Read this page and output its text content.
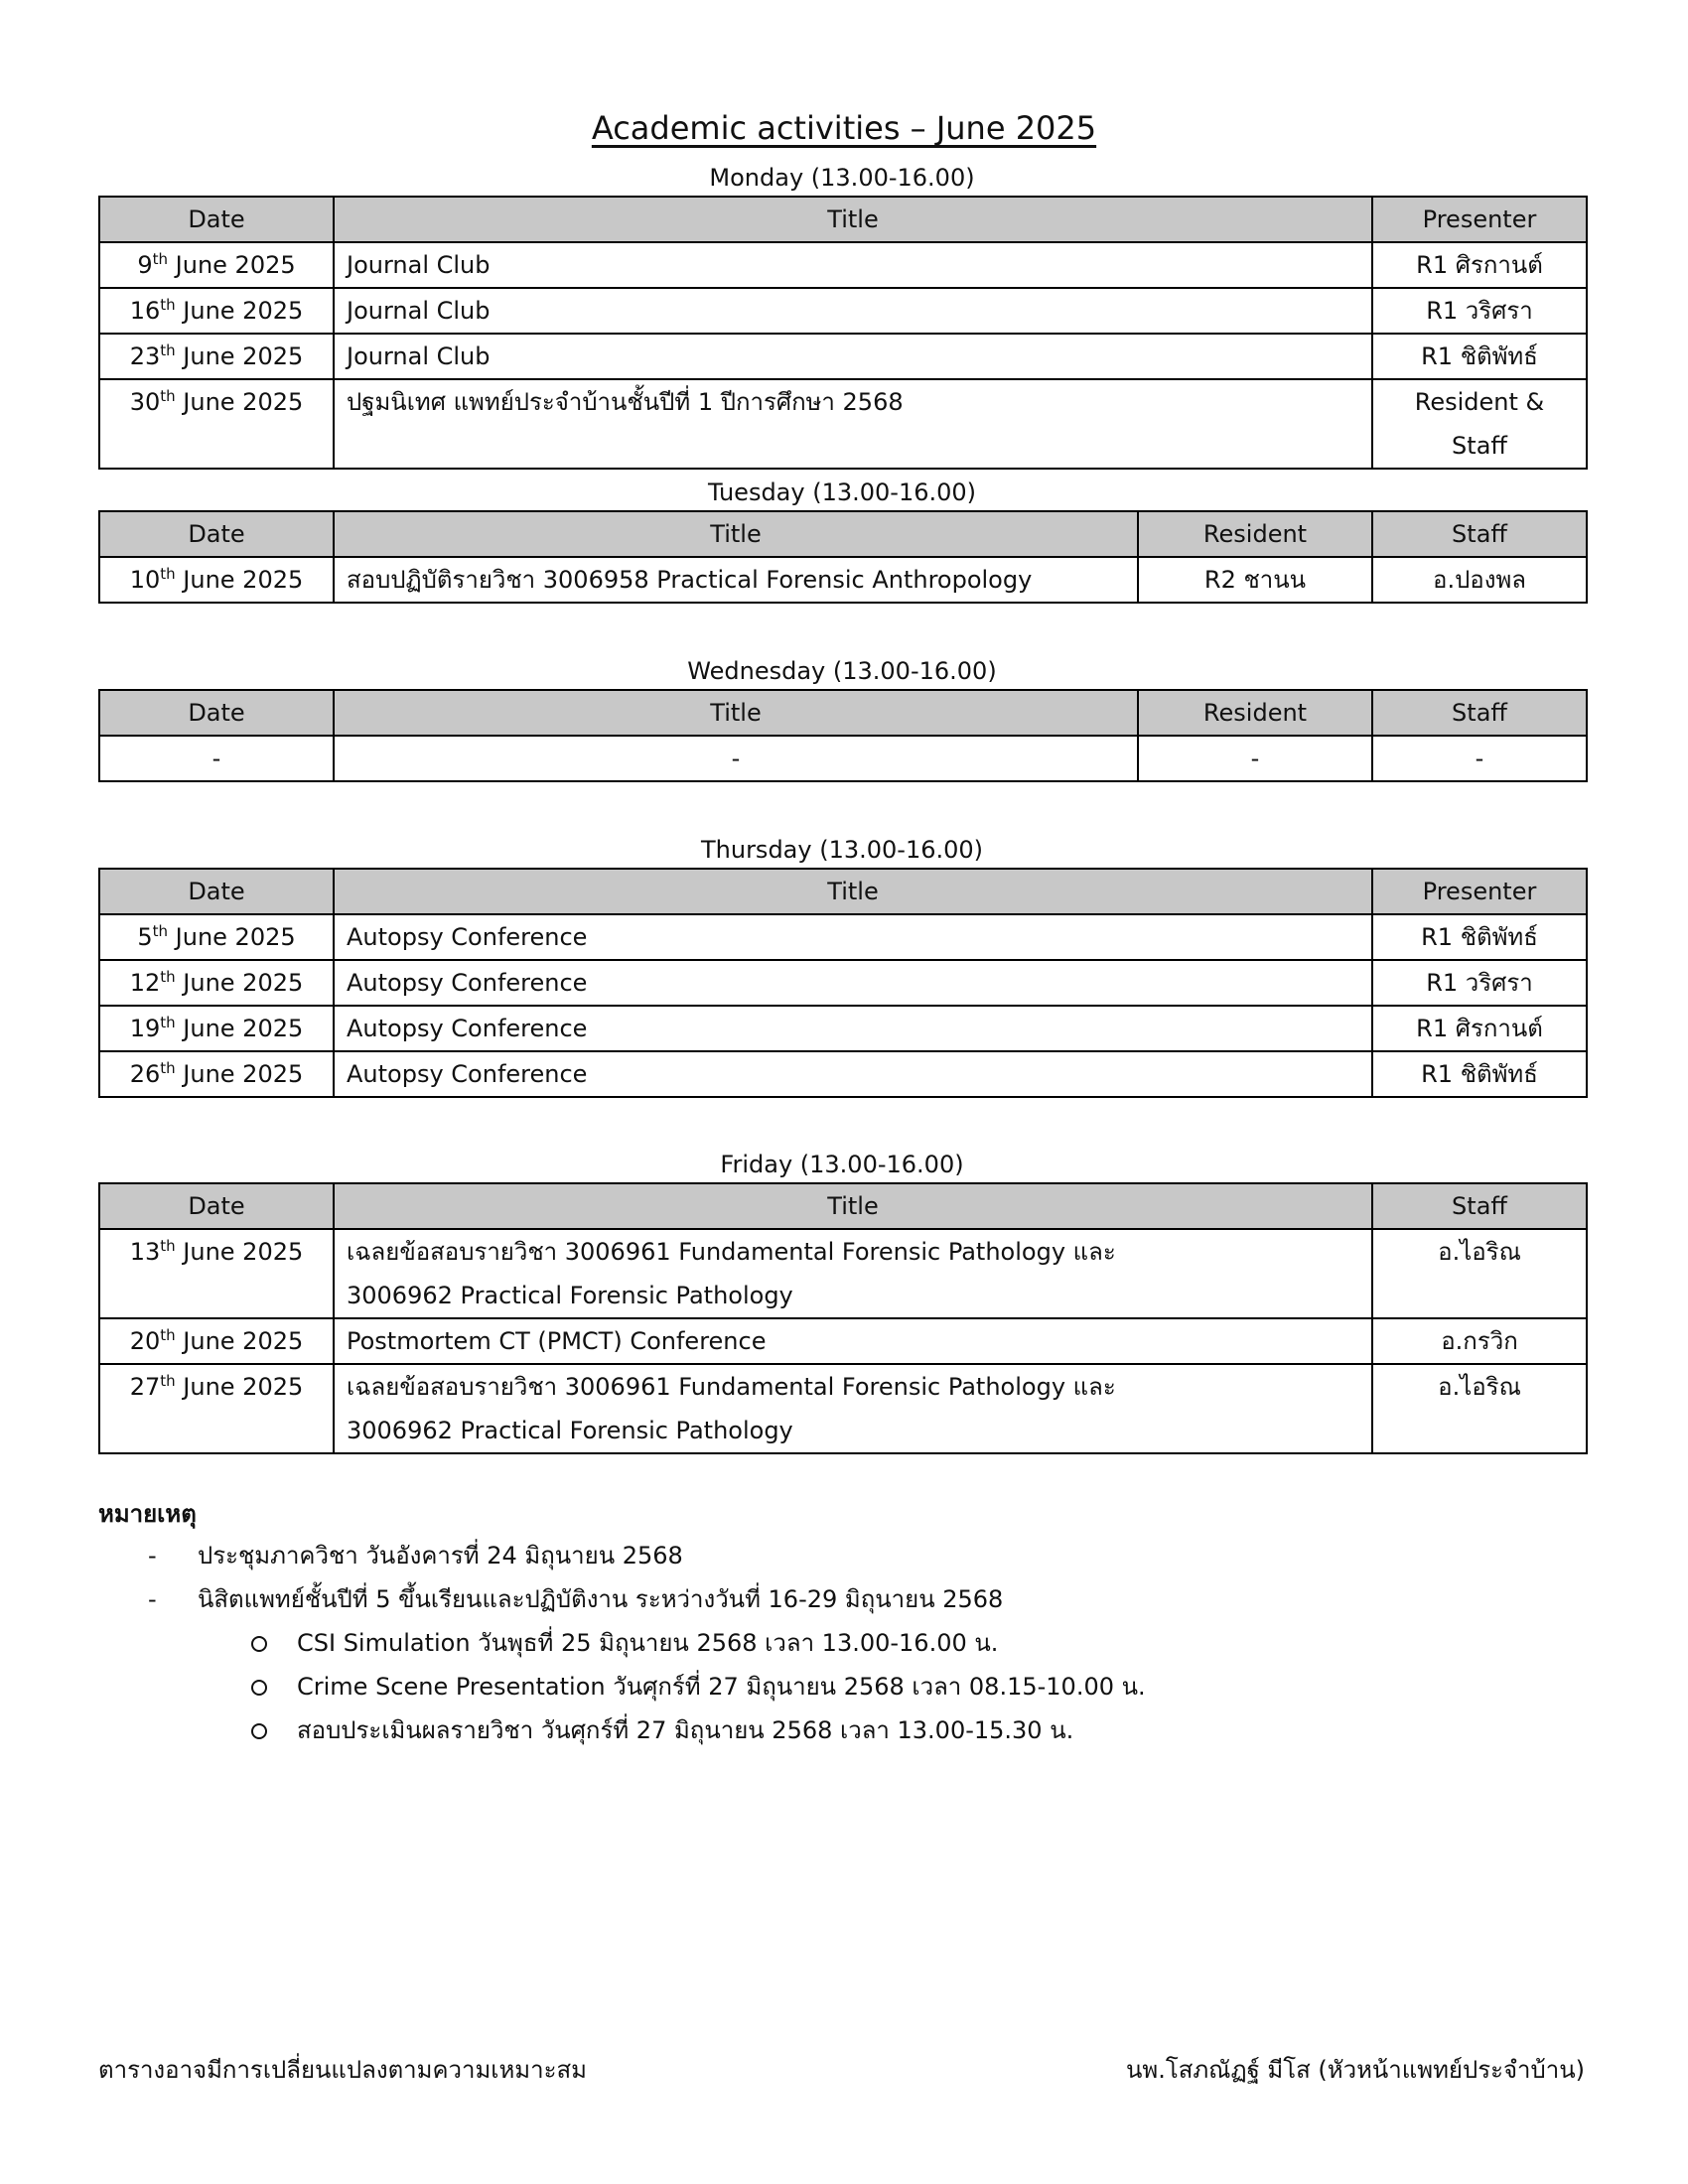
Academic activities – June 2025
Monday (13.00-16.00)
Date	Title	Presenter
9th June 2025	Journal Club	R1 ศิรกานต์
16th June 2025	Journal Club	R1 วริศรา
23th June 2025	Journal Club	R1 ชิติพัทธ์
30th June 2025	ปฐมนิเทศ แพทย์ประจำบ้านชั้นปีที่ 1 ปีการศึกษา 2568	Resident & Staff
Tuesday (13.00-16.00)
Date	Title	Resident	Staff
10th June 2025	สอบปฏิบัติรายวิชา 3006958 Practical Forensic Anthropology	R2 ชานน	อ.ปองพล
Wednesday (13.00-16.00)
Date	Title	Resident	Staff
-	-	-	-
Thursday (13.00-16.00)
Date	Title	Presenter
5th June 2025	Autopsy Conference	R1 ชิติพัทธ์
12th June 2025	Autopsy Conference	R1 วริศรา
19th June 2025	Autopsy Conference	R1 ศิรกานต์
26th June 2025	Autopsy Conference	R1 ชิติพัทธ์
Friday (13.00-16.00)
Date	Title	Staff
13th June 2025	เฉลยข้อสอบรายวิชา 3006961 Fundamental Forensic Pathology และ
3006962 Practical Forensic Pathology	อ.ไอริณ
20th June 2025	Postmortem CT (PMCT) Conference	อ.กรวิก
27th June 2025	เฉลยข้อสอบรายวิชา 3006961 Fundamental Forensic Pathology และ
3006962 Practical Forensic Pathology	อ.ไอริณ
หมายเหตุ
- ประชุมภาควิชา วันอังคารที่ 24 มิถุนายน 2568
- นิสิตแพทย์ชั้นปีที่ 5 ขึ้นเรียนและปฏิบัติงาน ระหว่างวันที่ 16-29 มิถุนายน 2568
CSI Simulation วันพุธที่ 25 มิถุนายน 2568 เวลา 13.00-16.00 น.
Crime Scene Presentation วันศุกร์ที่ 27 มิถุนายน 2568 เวลา 08.15-10.00 น.
สอบประเมินผลรายวิชา วันศุกร์ที่ 27 มิถุนายน 2568 เวลา 13.00-15.30 น.
ตารางอาจมีการเปลี่ยนแปลงตามความเหมาะสม	นพ.โสภณัฏฐ์ มีโส (หัวหน้าแพทย์ประจำบ้าน)
